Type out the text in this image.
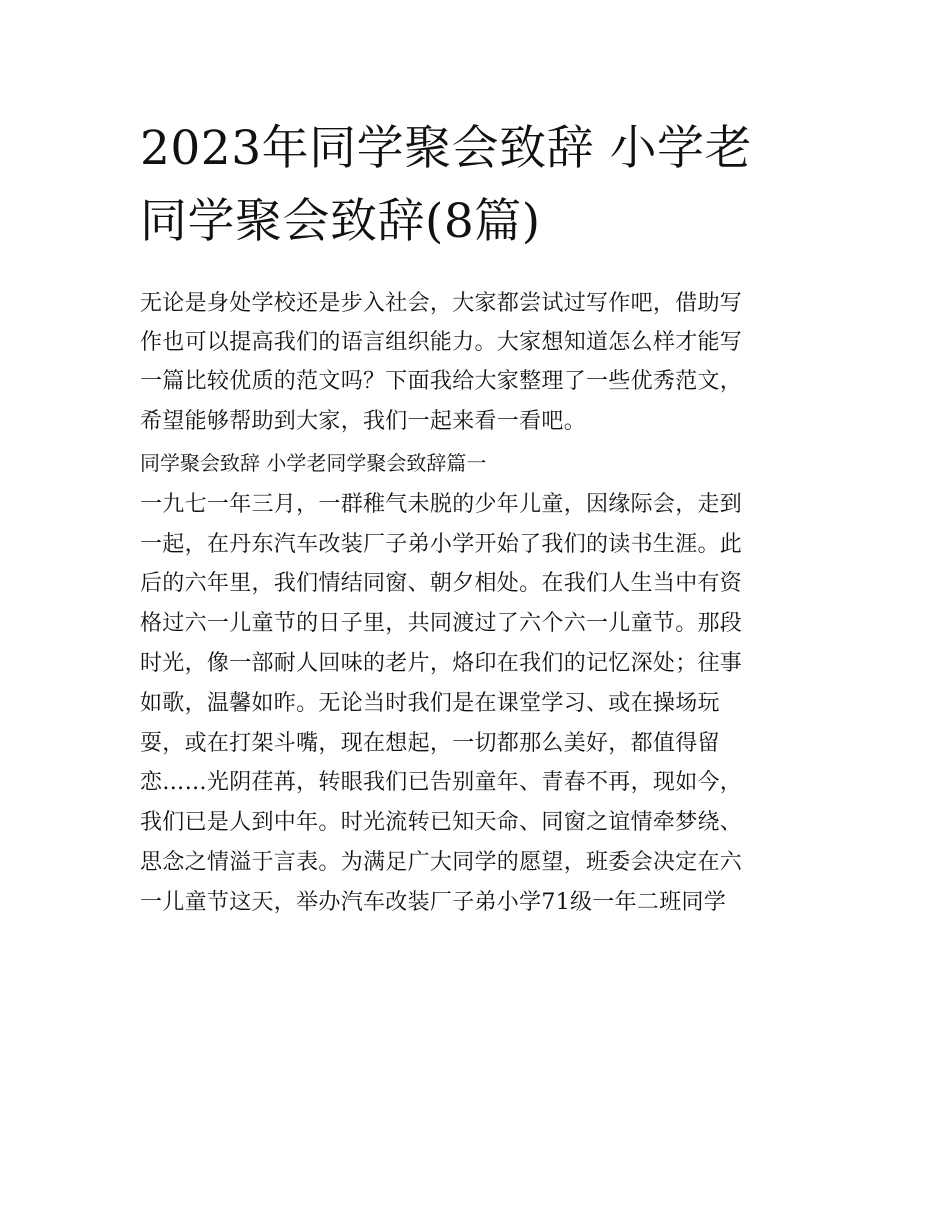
2023年同学聚会致辞 小学老
同学聚会致辞(8篇)
无论是身处学校还是步入社会，大家都尝试过写作吧，借助写
作也可以提高我们的语言组织能力。大家想知道怎么样才能写
一篇比较优质的范文吗？下面我给大家整理了一些优秀范文，
希望能够帮助到大家，我们一起来看一看吧。
同学聚会致辞 小学老同学聚会致辞篇一
一九七一年三月，一群稚气未脱的少年儿童，因缘际会，走到
一起，在丹东汽车改装厂子弟小学开始了我们的读书生涯。此
后的六年里，我们情结同窗、朝夕相处。在我们人生当中有资
格过六一儿童节的日子里，共同渡过了六个六一儿童节。那段
时光，像一部耐人回味的老片，烙印在我们的记忆深处；往事
如歌，温馨如昨。无论当时我们是在课堂学习、或在操场玩
耍，或在打架斗嘴，现在想起，一切都那么美好，都值得留
恋……光阴荏苒，转眼我们已告别童年、青春不再，现如今，
我们已是人到中年。时光流转已知天命、同窗之谊情牵梦绕、
思念之情溢于言表。为满足广大同学的愿望，班委会决定在六
一儿童节这天，举办汽车改装厂子弟小学71级一年二班同学
